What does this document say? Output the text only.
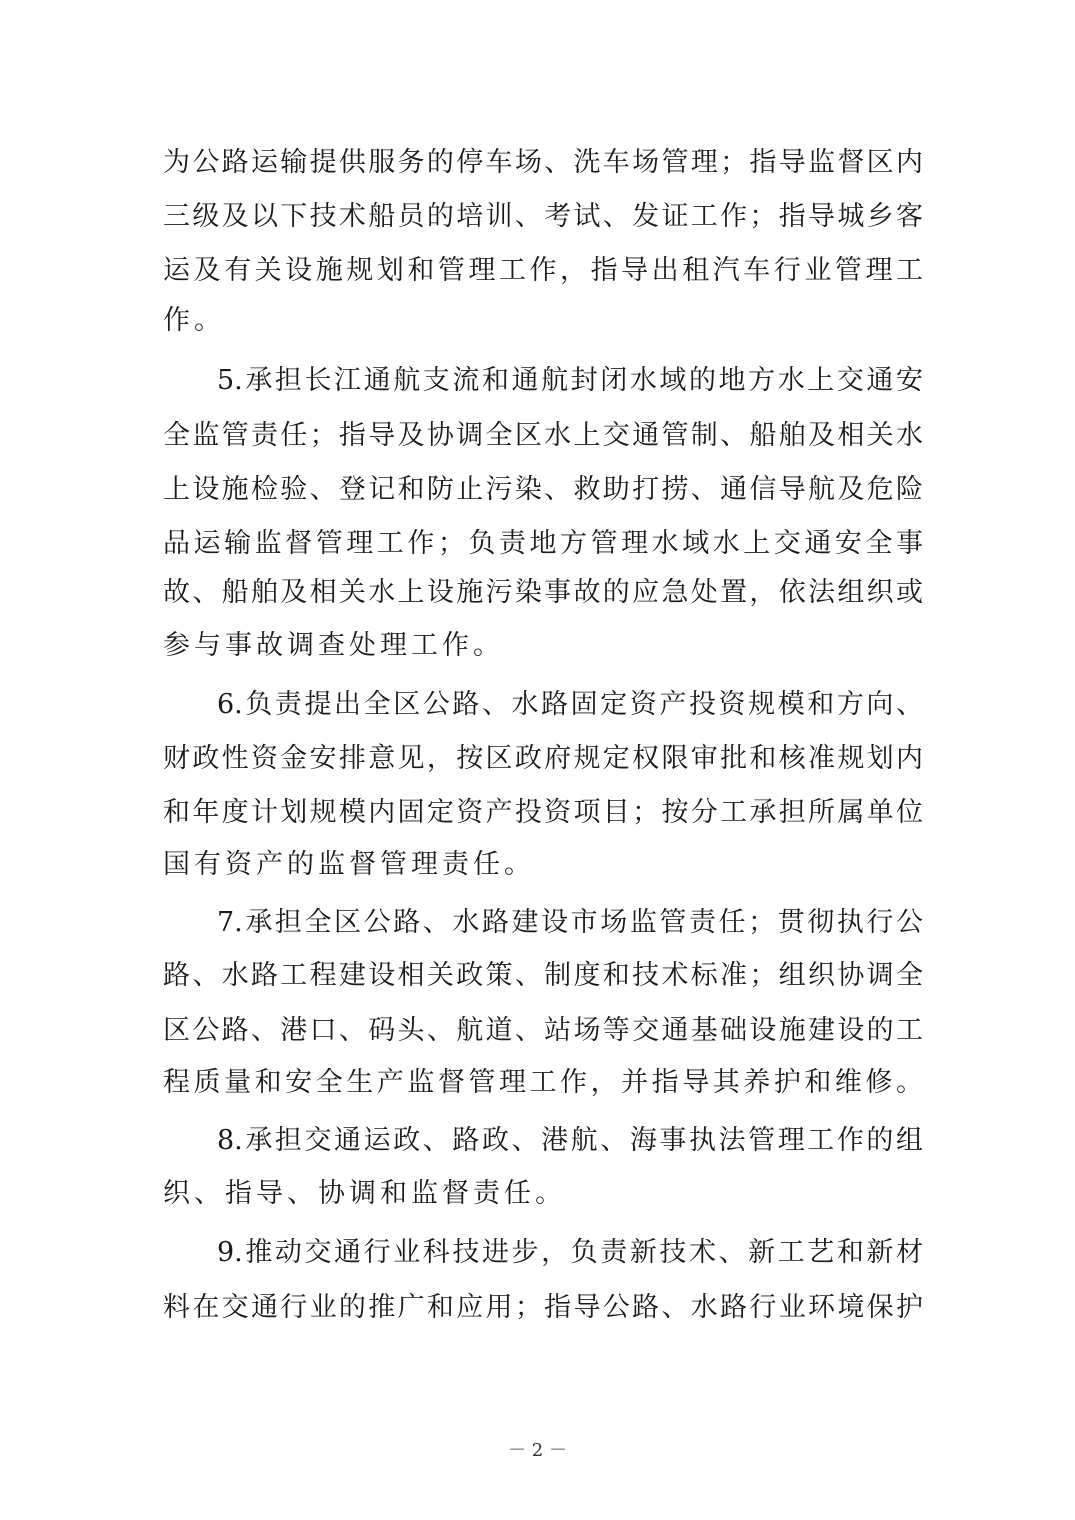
为公路运输提供服务的停车场、洗车场管理；指导监督区内
三级及以下技术船员的培训、考试、发证工作；指导城乡客
运及有关设施规划和管理工作，指导出租汽车行业管理工
作。
5.承担长江通航支流和通航封闭水域的地方水上交通安
全监管责任；指导及协调全区水上交通管制、船舶及相关水
上设施检验、登记和防止污染、救助打捞、通信导航及危险
品运输监督管理工作；负责地方管理水域水上交通安全事
故、船舶及相关水上设施污染事故的应急处置，依法组织或
参与事故调查处理工作。
6.负责提出全区公路、水路固定资产投资规模和方向、
财政性资金安排意见，按区政府规定权限审批和核准规划内
和年度计划规模内固定资产投资项目；按分工承担所属单位
国有资产的监督管理责任。
7.承担全区公路、水路建设市场监管责任；贯彻执行公
路、水路工程建设相关政策、制度和技术标准；组织协调全
区公路、港口、码头、航道、站场等交通基础设施建设的工
程质量和安全生产监督管理工作，并指导其养护和维修。
8.承担交通运政、路政、港航、海事执法管理工作的组
织、指导、协调和监督责任。
9.推动交通行业科技进步，负责新技术、新工艺和新材
料在交通行业的推广和应用；指导公路、水路行业环境保护
－ 2 －
